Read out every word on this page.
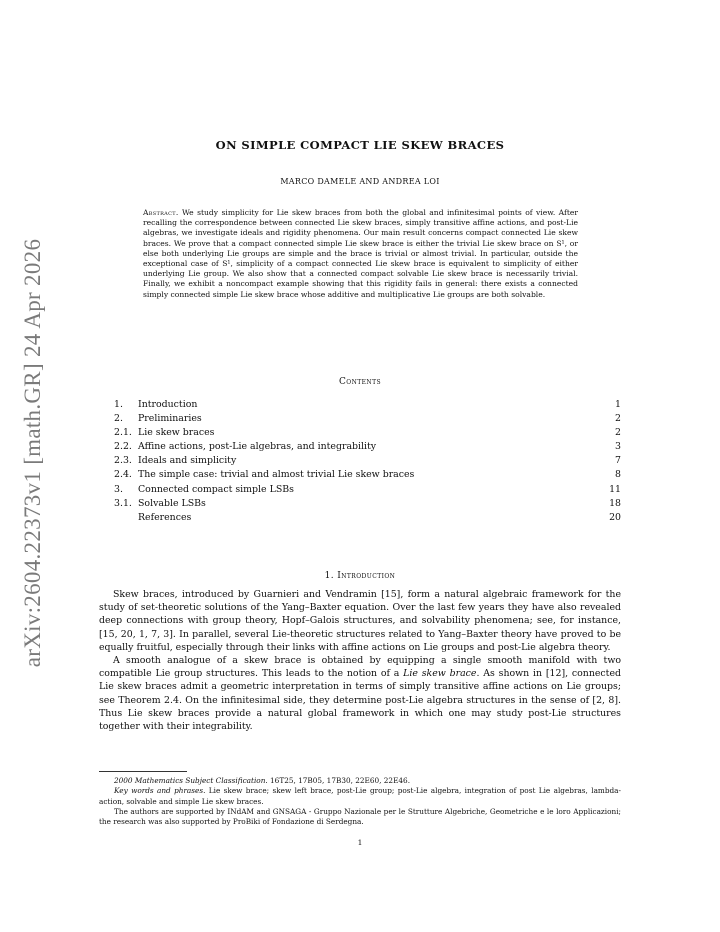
arXiv:2604.22373v1 [math.GR] 24 Apr 2026
ON SIMPLE COMPACT LIE SKEW BRACES
MARCO DAMELE AND ANDREA LOI
Abstract. We study simplicity for Lie skew braces from both the global and infinitesimal points of view. After recalling the correspondence between connected Lie skew braces, simply transitive affine actions, and post-Lie algebras, we investigate ideals and rigidity phenomena. Our main result concerns compact connected Lie skew braces. We prove that a compact connected simple Lie skew brace is either the trivial Lie skew brace on S¹, or else both underlying Lie groups are simple and the brace is trivial or almost trivial. In particular, outside the exceptional case of S¹, simplicity of a compact connected Lie skew brace is equivalent to simplicity of either underlying Lie group. We also show that a connected compact solvable Lie skew brace is necessarily trivial. Finally, we exhibit a noncompact example showing that this rigidity fails in general: there exists a connected simply connected simple Lie skew brace whose additive and multiplicative Lie groups are both solvable.
Contents
1. Introduction	1
2. Preliminaries	2
2.1. Lie skew braces	2
2.2. Affine actions, post-Lie algebras, and integrability	3
2.3. Ideals and simplicity	7
2.4. The simple case: trivial and almost trivial Lie skew braces	8
3. Connected compact simple LSBs	11
3.1. Solvable LSBs	18
References	20
1. Introduction

Skew braces, introduced by Guarnieri and Vendramin [15], form a natural algebraic framework for the study of set-theoretic solutions of the Yang–Baxter equation. Over the last few years they have also revealed deep connections with group theory, Hopf–Galois structures, and solvability phenomena; see, for instance, [15, 20, 1, 7, 3]. In parallel, several Lie-theoretic structures related to Yang–Baxter theory have proved to be equally fruitful, especially through their links with affine actions on Lie groups and post-Lie algebra theory.

A smooth analogue of a skew brace is obtained by equipping a single smooth manifold with two compatible Lie group structures. This leads to the notion of a Lie skew brace. As shown in [12], connected Lie skew braces admit a geometric interpretation in terms of simply transitive affine actions on Lie groups; see Theorem 2.4. On the infinitesimal side, they determine post-Lie algebra structures in the sense of [2, 8]. Thus Lie skew braces provide a natural global framework in which one may study post-Lie structures together with their integrability.

2000 Mathematics Subject Classification. 16T25, 17B05, 17B30, 22E60, 22E46.

Key words and phrases. Lie skew brace; skew left brace, post-Lie group; post-Lie algebra, integration of post Lie algebras, lambda-action, solvable and simple Lie skew braces.

The authors are supported by INdAM and GNSAGA - Gruppo Nazionale per le Strutture Algebriche, Geometriche e le loro Applicazioni; the research was also supported by ProBiki of Fondazione di Serdegna.

1
